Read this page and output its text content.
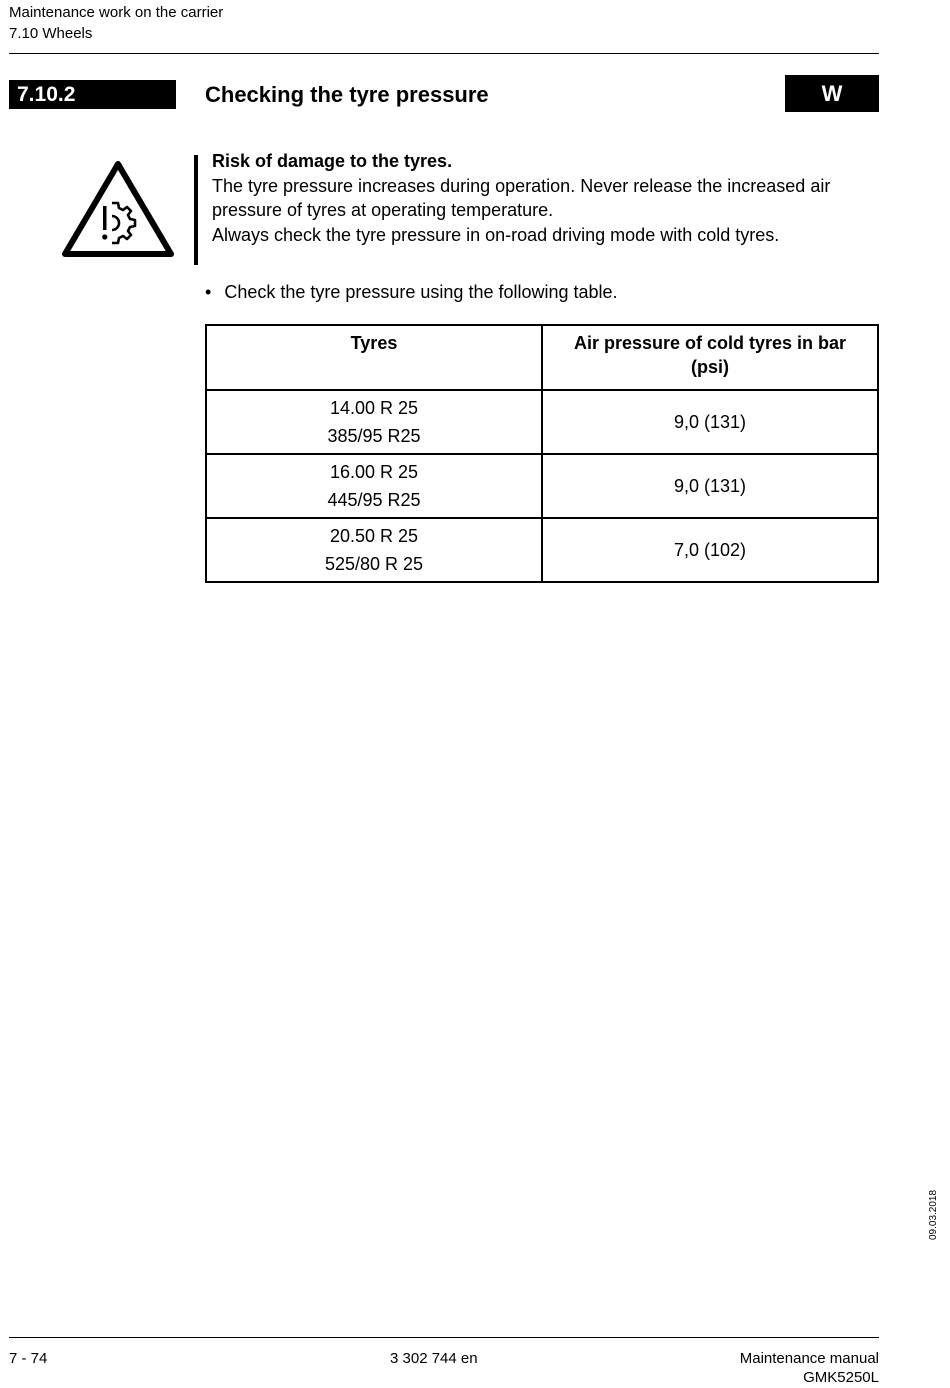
Maintenance work on the carrier
7.10 Wheels
7.10.2	Checking the tyre pressure	W
Risk of damage to the tyres.
The tyre pressure increases during operation. Never release the increased air pressure of tyres at operating temperature.
Always check the tyre pressure in on-road driving mode with cold tyres.
• Check the tyre pressure using the following table.
Tyres	Air pressure of cold tyres in bar (psi)

14.00 R 25
385/95 R25	9,0 (131)

16.00 R 25
445/95 R25	9,0 (131)

20.50 R 25
525/80 R 25	7,0 (102)
09.03.2018
7 - 74	3 302 744 en	Maintenance manual
GMK5250L
